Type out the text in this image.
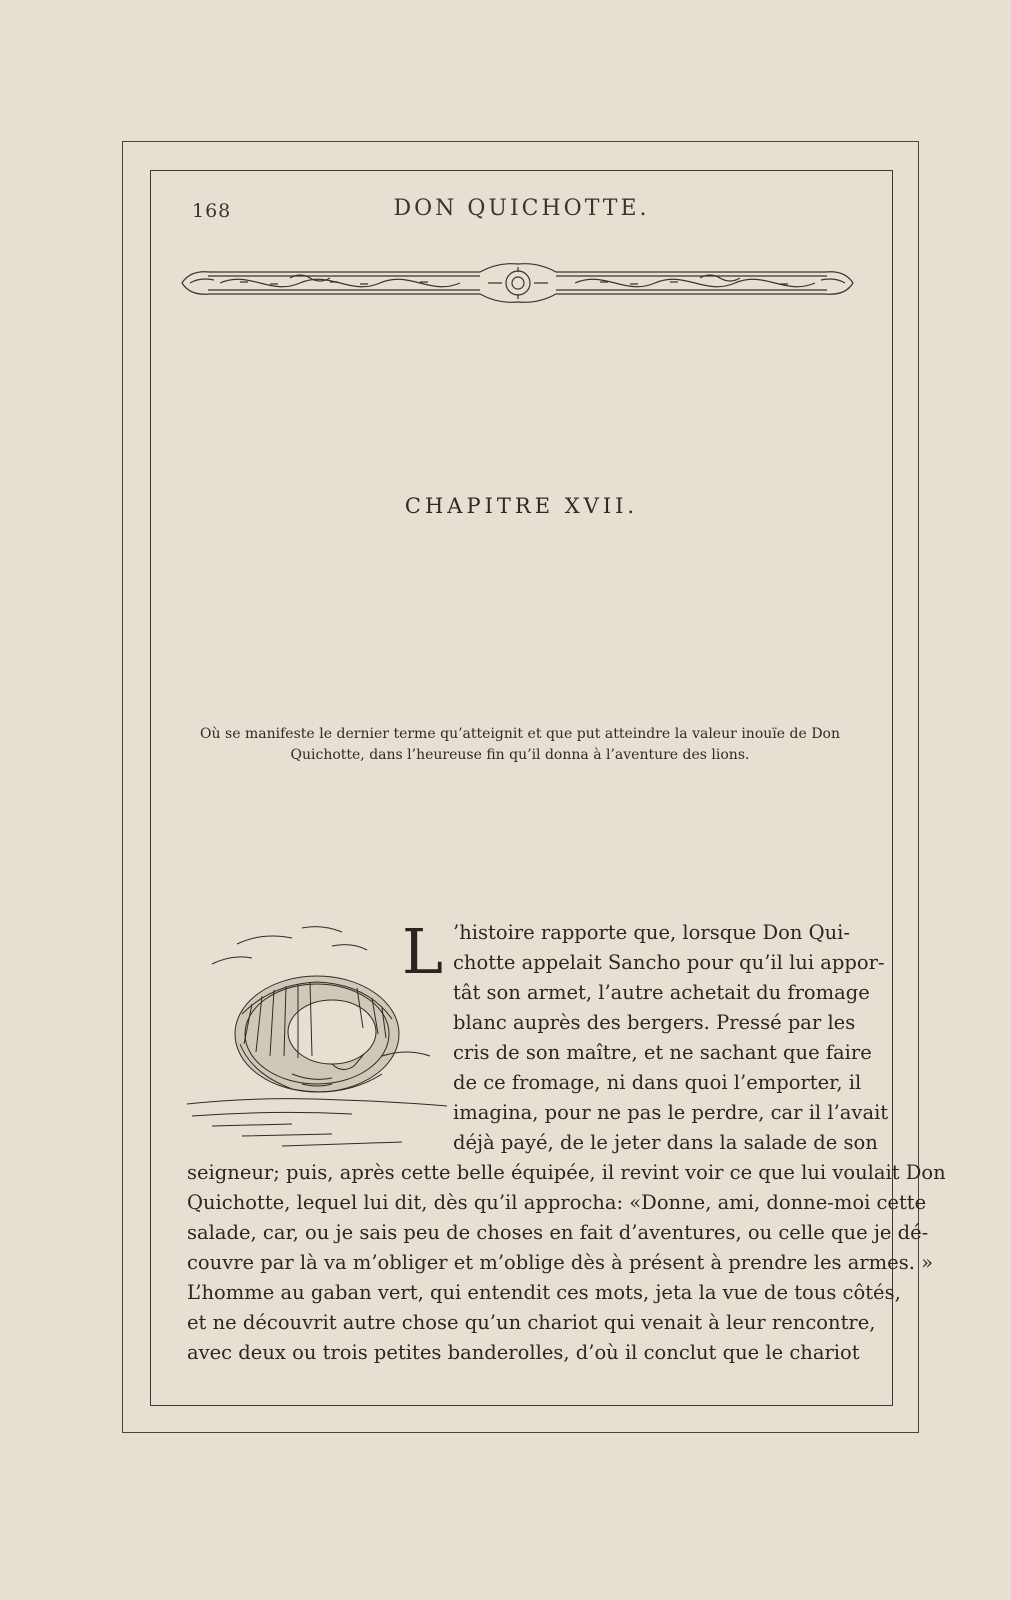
168	DON QUICHOTTE.
CHAPITRE XVII.

Où se manifeste le dernier terme qu’atteignit et que put atteindre la valeur inouïe de Don Quichotte, dans l’heureuse fin qu’il donna à l’aventure des lions.

L ’histoire rapporte que, lorsque Don Qui-
chotte appelait Sancho pour qu’il lui appor-
tât son armet, l’autre achetait du fromage
blanc auprès des bergers. Pressé par les
cris de son maître, et ne sachant que faire
de ce fromage, ni dans quoi l’emporter, il
imagina, pour ne pas le perdre, car il l’avait
déjà payé, de le jeter dans la salade de son
seigneur; puis, après cette belle équipée, il revint voir ce que lui voulait Don
Quichotte, lequel lui dit, dès qu’il approcha: «Donne, ami, donne-moi cette
salade, car, ou je sais peu de choses en fait d’aventures, ou celle que je dé-
couvre par là va m’obliger et m’oblige dès à présent à prendre les armes. »
L’homme au gaban vert, qui entendit ces mots, jeta la vue de tous côtés,
et ne découvrit autre chose qu’un chariot qui venait à leur rencontre,
avec deux ou trois petites banderolles, d’où il conclut que le chariot
